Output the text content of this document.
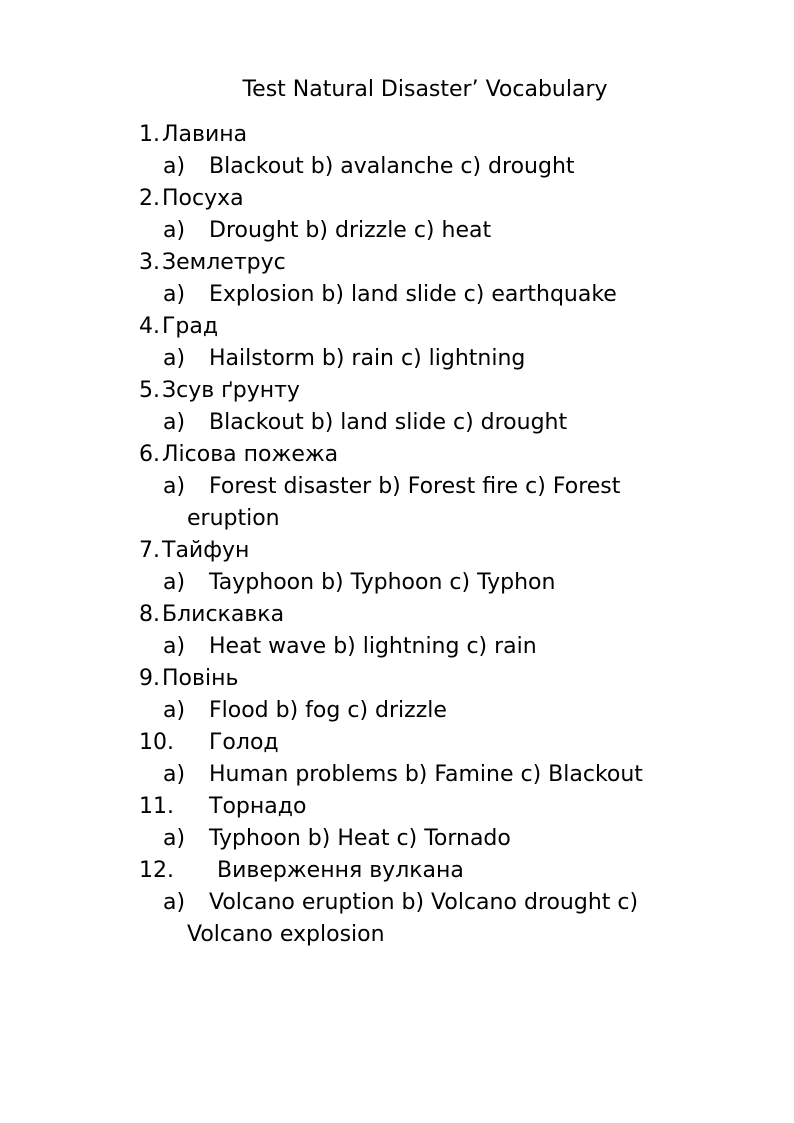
Test Natural Disaster’ Vocabulary
1. Лавина
a) Blackout b) avalanche c) drought
2. Посуха
a) Drought b) drizzle c) heat
3. Землетрус
a) Explosion b) land slide c) earthquake
4. Град
a) Hailstorm b) rain c) lightning
5. Зсув ґрунту
a) Blackout b) land slide c) drought
6. Лісова пожежа
a) Forest disaster b) Forest fire c) Forest
eruption
7. Тайфун
a) Tayphoon b) Typhoon c) Typhon
8. Блискавка
a) Heat wave b) lightning c) rain
9. Повінь
a) Flood b) fog c) drizzle
10. Голод
a) Human problems b) Famine c) Blackout
11. Торнадо
a) Typhoon b) Heat c) Tornado
12. Виверження вулкана
a) Volcano eruption b) Volcano drought c)
Volcano explosion
